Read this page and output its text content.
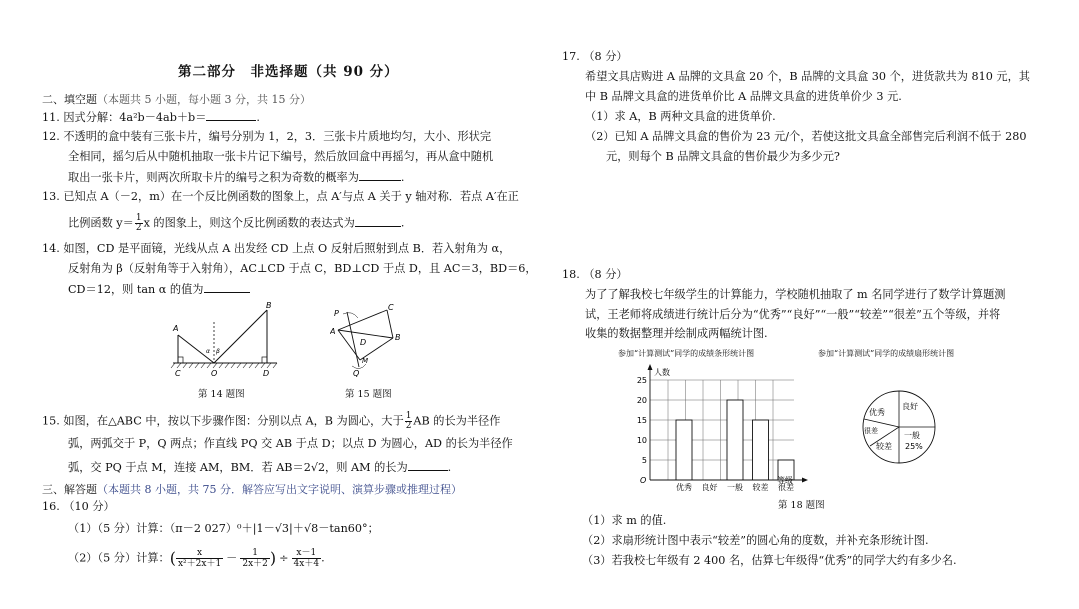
第二部分　非选择题（共 90 分）
二、填空题（本题共 5 小题，每小题 3 分，共 15 分）
11. 因式分解：4a²b－4ab＋b＝	.
12. 不透明的盒中装有三张卡片，编号分别为 1，2，3．三张卡片质地均匀，大小、形状完
全相同，摇匀后从中随机抽取一张卡片记下编号，然后放回盒中再摇匀，再从盒中随机
取出一张卡片，则两次所取卡片的编号之积为奇数的概率为	.
13. 已知点 A（－2，m）在一个反比例函数的图象上，点 A′与点 A 关于 y 轴对称．若点 A′在正
比例函数 $y= \frac{1}{2}$ x 的图象上，则这个反比例函数的表达式为	.
14. 如图，CD 是平面镜，光线从点 A 出发经 CD 上点 O 反射后照射到点 B．若入射角为 α，
反射角为 β（反射角等于入射角），AC⊥CD 于点 C，BD⊥CD 于点 D，且 AC＝3，BD＝6，
CD＝12，则 tan α 的值为
A
B
C	O	D
α β
P
C
A
D
B
M
Q
第 14 题图	第 15 题图
15. 如图，在△ABC 中，按以下步骤作图：分别以点 A，B 为圆心，大于 $\frac{1}{2}$ AB 的长为半径作
弧，两弧交于 P，Q 两点；作直线 PQ 交 AB 于点 D；以点 D 为圆心，AD 的长为半径作
弧，交 PQ 于点 M，连接 AM，BM．若 AB＝2√2，则 AM 的长为	.
三、解答题（本题共 8 小题，共 75 分．解答应写出文字说明、演算步骤或推理过程）
16. （10 分）
（1）（5 分）计算：（π－2 027）⁰＋|1－√3|＋√8－tan60°；
（2）（5 分）计算：( $\frac{x}{\text{x²＋2x＋1}} - \frac{1}{2x+2}$ ) ÷ $\frac{x-1}{4x+4}$ .
17. （8 分）
希望文具店购进 A 品牌的文具盒 20 个，B 品牌的文具盒 30 个，进货款共为 810 元，其
中 B 品牌文具盒的进货单价比 A 品牌文具盒的进货单价少 3 元.
（1）求 A，B 两种文具盒的进货单价.
（2）已知 A 品牌文具盒的售价为 23 元/个，若使这批文具盒全部售完后利润不低于 280
元，则每个 B 品牌文具盒的售价最少为多少元?
18. （8 分）
为了了解我校七年级学生的计算能力，学校随机抽取了 m 名同学进行了数学计算题测
试，王老师将成绩进行统计后分为“优秀”“良好”“一般”“较差”“很差”五个等级，并将
收集的数据整理并绘制成两幅统计图.
参加“计算测试”同学的成绩条形统计图	参加“计算测试”同学的成绩扇形统计图
5
10
15
20
25
优秀 良好 一般 较差 很差
人数
等级
O
良好
一般
25%
较差
很差
优秀
第 18 题图
（1）求 m 的值.
（2）求扇形统计图中表示“较差”的圆心角的度数，并补充条形统计图.
（3）若我校七年级有 2 400 名，估算七年级得“优秀”的同学大约有多少名.
